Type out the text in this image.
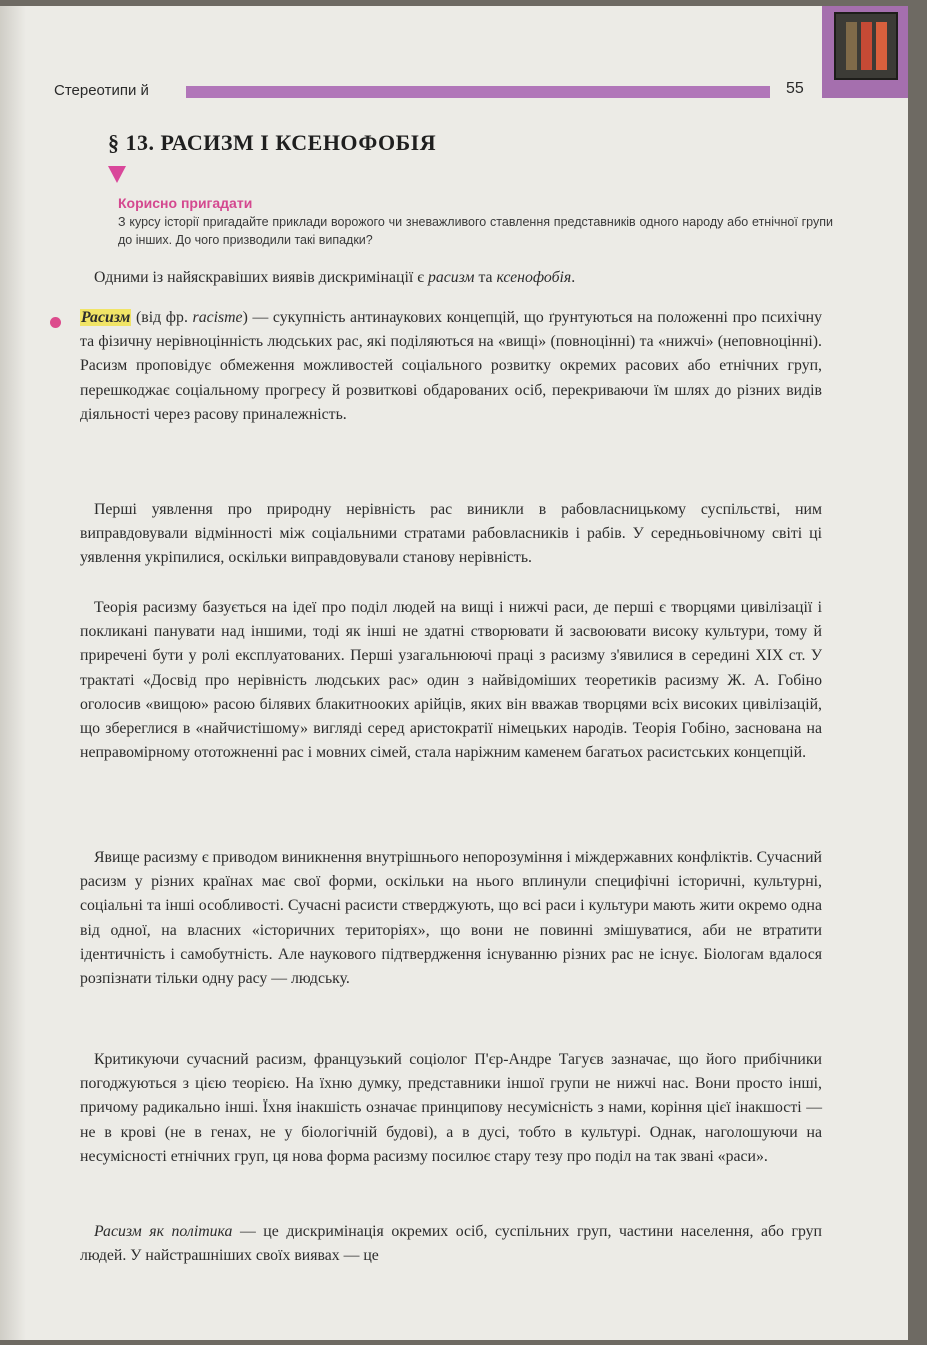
Стереотипи й	55
§ 13. РАСИЗМ І КСЕНОФОБІЯ
Корисно пригадати
З курсу історії пригадайте приклади ворожого чи зневажливого ставлення представників одного народу або етнічної групи до інших. До чого призводили такі випадки?
Одними із найяскравіших виявів дискримінації є расизм та ксенофобія.
Расизм (від фр. racisme) — сукупність антинаукових концепцій, що ґрунтуються на положенні про психічну та фізичну нерівноцінність людських рас, які поділяються на «вищі» (повноцінні) та «нижчі» (неповноцінні). Расизм проповідує обмеження можливостей соціального розвитку окремих расових або етнічних груп, перешкоджає соціальному прогресу й розвиткові обдарованих осіб, перекриваючи їм шлях до різних видів діяльності через расову приналежність.
Перші уявлення про природну нерівність рас виникли в рабовласницькому суспільстві, ним виправдовували відмінності між соціальними стратами рабовласників і рабів. У середньовічному світі ці уявлення укріпилися, оскільки виправдовували станову нерівність.
Теорія расизму базується на ідеї про поділ людей на вищі і нижчі раси, де перші є творцями цивілізації і покликані панувати над іншими, тоді як інші не здатні створювати й засвоювати високу культури, тому й приречені бути у ролі експлуатованих. Перші узагальнюючі праці з расизму з'явилися в середині XIX ст. У трактаті «Досвід про нерівність людських рас» один з найвідоміших теоретиків расизму Ж. А. Гобіно оголосив «вищою» расою білявих блакитнооких арійців, яких він вважав творцями всіх високих цивілізацій, що збереглися в «найчистішому» вигляді серед аристократії німецьких народів. Теорія Гобіно, заснована на неправомірному ототожненні рас і мовних сімей, стала наріжним каменем багатьох расистських концепцій.
Явище расизму є приводом виникнення внутрішнього непорозуміння і міждержавних конфліктів. Сучасний расизм у різних країнах має свої форми, оскільки на нього вплинули специфічні історичні, культурні, соціальні та інші особливості. Сучасні расисти стверджують, що всі раси і культури мають жити окремо одна від одної, на власних «історичних територіях», що вони не повинні змішуватися, аби не втратити ідентичність і самобутність. Але наукового підтвердження існуванню різних рас не існує. Біологам вдалося розпізнати тільки одну расу — людську.
Критикуючи сучасний расизм, французький соціолог П'єр-Андре Тагуєв зазначає, що його прибічники погоджуються з цією теорією. На їхню думку, представники іншої групи не нижчі нас. Вони просто інші, причому радикально інші. Їхня інакшість означає принципову несумісність з нами, коріння цієї інакшості — не в крові (не в генах, не у біологічній будові), а в дусі, тобто в культурі. Однак, наголошуючи на несумісності етнічних груп, ця нова форма расизму посилює стару тезу про поділ на так звані «раси».
Расизм як політика — це дискримінація окремих осіб, суспільних груп, частини населення, або груп людей. У найстрашніших своїх виявах — це
